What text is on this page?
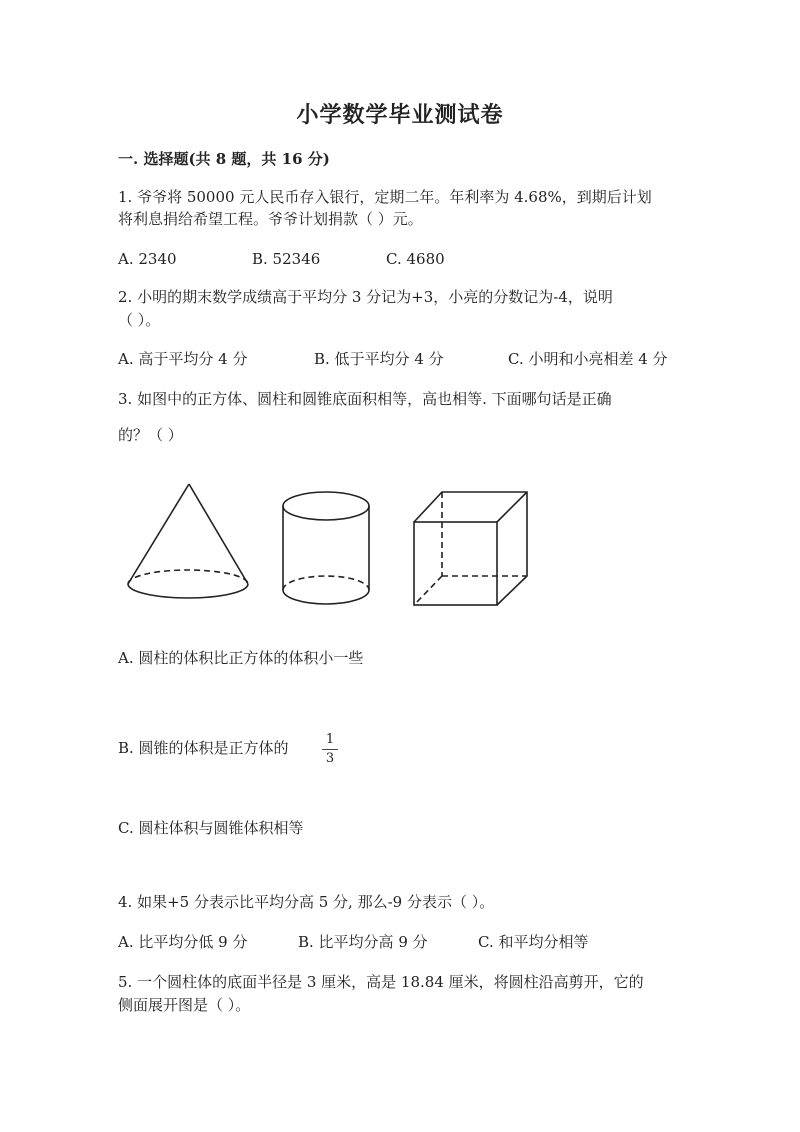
小学数学毕业测试卷
一. 选择题(共 8 题，共 16 分)
1. 爷爷将 50000 元人民币存入银行，定期二年。年利率为 4.68%，到期后计划
将利息捐给希望工程。爷爷计划捐款（ ）元。
A. 2340	B. 52346	C. 4680
2. 小明的期末数学成绩高于平均分 3 分记为+3，小亮的分数记为-4，说明
（ ）。
A. 高于平均分 4 分	B. 低于平均分 4 分	C. 小明和小亮相差 4 分
3. 如图中的正方体、圆柱和圆锥底面积相等，高也相等. 下面哪句话是正确
的？（ ）
A. 圆柱的体积比正方体的体积小一些
B. 圆锥的体积是正方体的	1
3
C. 圆柱体积与圆锥体积相等
4. 如果+5 分表示比平均分高 5 分, 那么-9 分表示（ ）。
A. 比平均分低 9 分	B. 比平均分高 9 分	C. 和平均分相等
5. 一个圆柱体的底面半径是 3 厘米，高是 18.84 厘米，将圆柱沿高剪开，它的
侧面展开图是（ ）。
